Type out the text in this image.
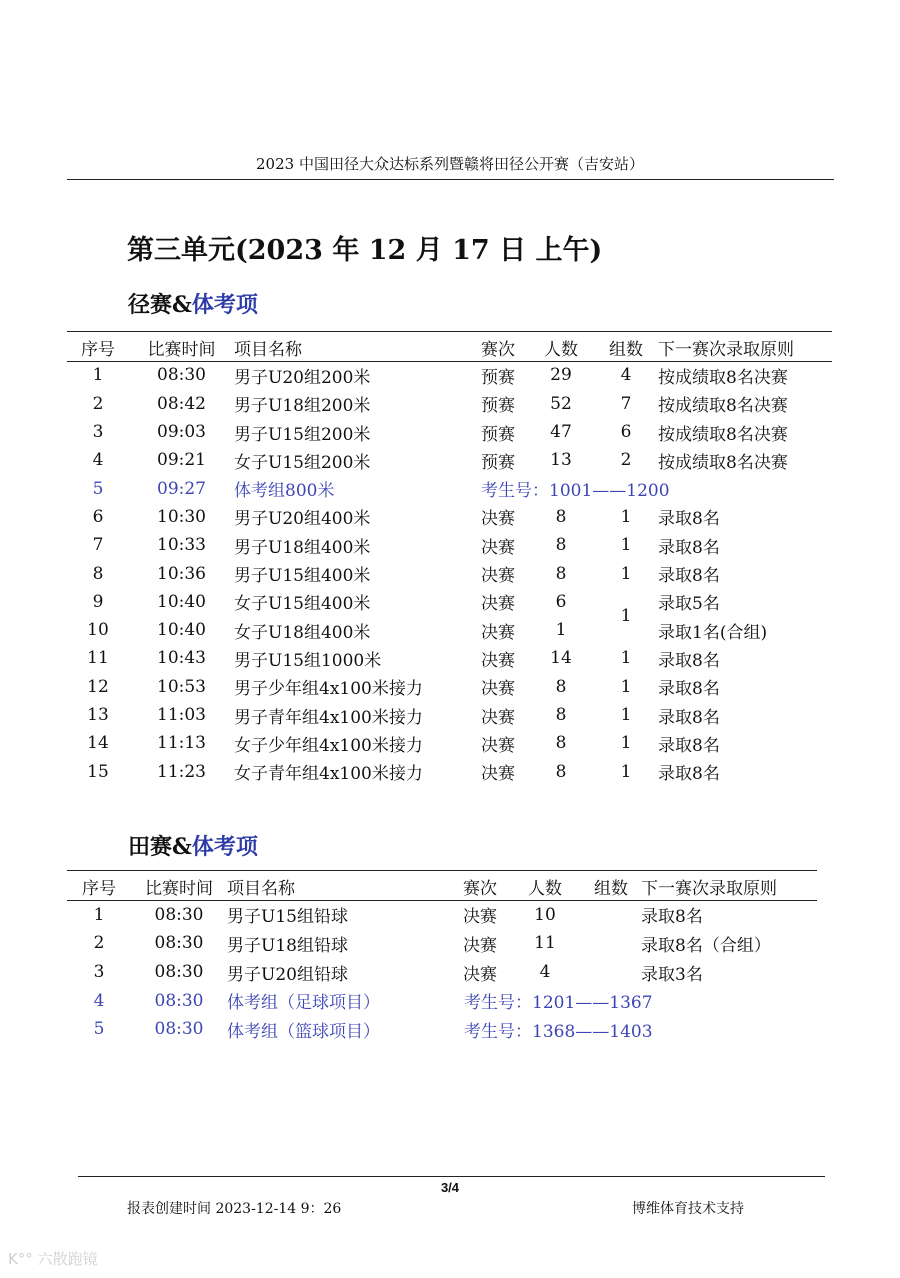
2023 中国田径大众达标系列暨赣将田径公开赛（吉安站）
第三单元(2023 年 12 月 17 日 上午)
径赛&体考项
序号	比赛时间	项目名称	赛次	人数	组数	下一赛次录取原则
1	08:30	男子U20组200米	预赛	29	4	按成绩取8名决赛
2	08:42	男子U18组200米	预赛	52	7	按成绩取8名决赛
3	09:03	男子U15组200米	预赛	47	6	按成绩取8名决赛
4	09:21	女子U15组200米	预赛	13	2	按成绩取8名决赛
5	09:27	体考组800米	考生号：1001——1200			
6	10:30	男子U20组400米	决赛	8	1	录取8名
7	10:33	男子U18组400米	决赛	8	1	录取8名
8	10:36	男子U15组400米	决赛	8	1	录取8名
9	10:40	女子U15组400米	决赛	6	1	录取5名
10	10:40	女子U18组400米	决赛	1		录取1名(合组)
11	10:43	男子U15组1000米	决赛	14	1	录取8名
12	10:53	男子少年组4x100米接力	决赛	8	1	录取8名
13	11:03	男子青年组4x100米接力	决赛	8	1	录取8名
14	11:13	女子少年组4x100米接力	决赛	8	1	录取8名
15	11:23	女子青年组4x100米接力	决赛	8	1	录取8名
田赛&体考项
序号	比赛时间	项目名称	赛次	人数	组数	下一赛次录取原则
1	08:30	男子U15组铅球	决赛	10		录取8名
2	08:30	男子U18组铅球	决赛	11		录取8名（合组）
3	08:30	男子U20组铅球	决赛	4		录取3名
4	08:30	体考组（足球项目）	考生号：1201——1367			
5	08:30	体考组（篮球项目）	考生号：1368——1403			
3/4
报表创建时间 2023-12-14 9：26	博维体育技术支持
K°° 六散跑镜
